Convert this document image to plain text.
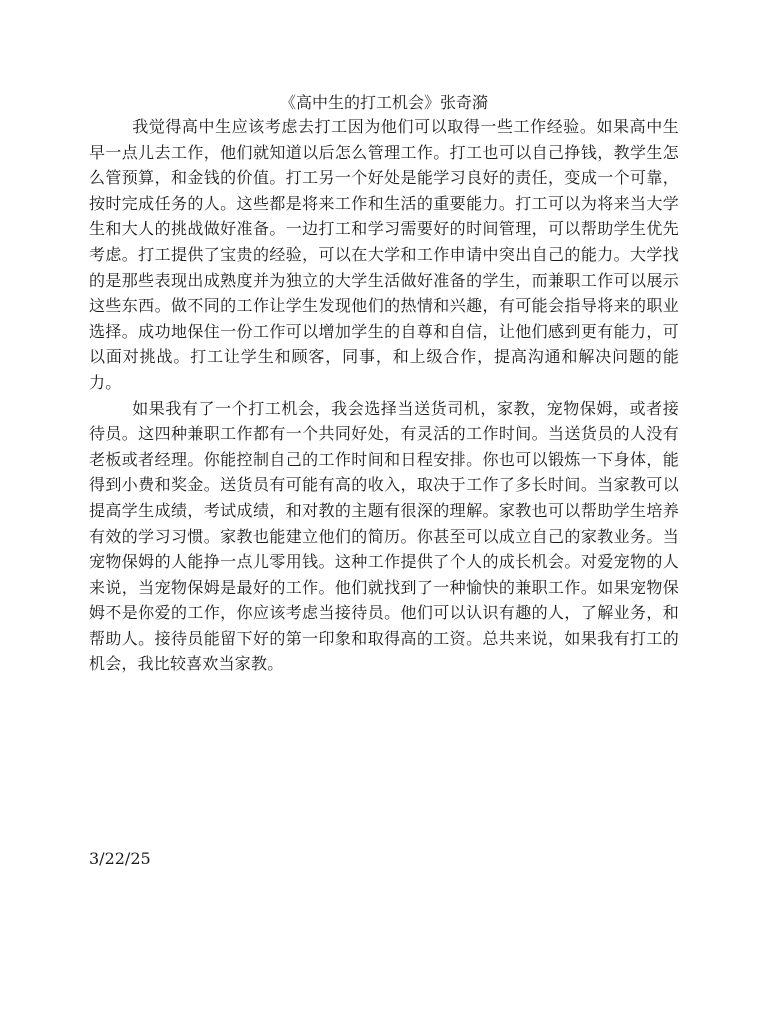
《高中生的打工机会》张奇漪

我觉得高中生应该考虑去打工因为他们可以取得一些工作经验。如果高中生早一点儿去工作，他们就知道以后怎么管理工作。打工也可以自己挣钱，教学生怎么管预算，和金钱的价值。打工另一个好处是能学习良好的责任，变成一个可靠，按时完成任务的人。这些都是将来工作和生活的重要能力。打工可以为将来当大学生和大人的挑战做好准备。一边打工和学习需要好的时间管理，可以帮助学生优先考虑。打工提供了宝贵的经验，可以在大学和工作申请中突出自己的能力。大学找的是那些表现出成熟度并为独立的大学生活做好准备的学生，而兼职工作可以展示这些东西。做不同的工作让学生发现他们的热情和兴趣，有可能会指导将来的职业选择。成功地保住一份工作可以增加学生的自尊和自信，让他们感到更有能力，可以面对挑战。打工让学生和顾客，同事，和上级合作，提高沟通和解决问题的能力。

如果我有了一个打工机会，我会选择当送货司机，家教，宠物保姆，或者接待员。这四种兼职工作都有一个共同好处，有灵活的工作时间。当送货员的人没有老板或者经理。你能控制自己的工作时间和日程安排。你也可以锻炼一下身体，能得到小费和奖金。送货员有可能有高的收入，取决于工作了多长时间。当家教可以提高学生成绩，考试成绩，和对教的主题有很深的理解。家教也可以帮助学生培养有效的学习习惯。家教也能建立他们的简历。你甚至可以成立自己的家教业务。当宠物保姆的人能挣一点儿零用钱。这种工作提供了个人的成长机会。对爱宠物的人来说，当宠物保姆是最好的工作。他们就找到了一种愉快的兼职工作。如果宠物保姆不是你爱的工作，你应该考虑当接待员。他们可以认识有趣的人，了解业务，和帮助人。接待员能留下好的第一印象和取得高的工资。总共来说，如果我有打工的机会，我比较喜欢当家教。

3/22/25
